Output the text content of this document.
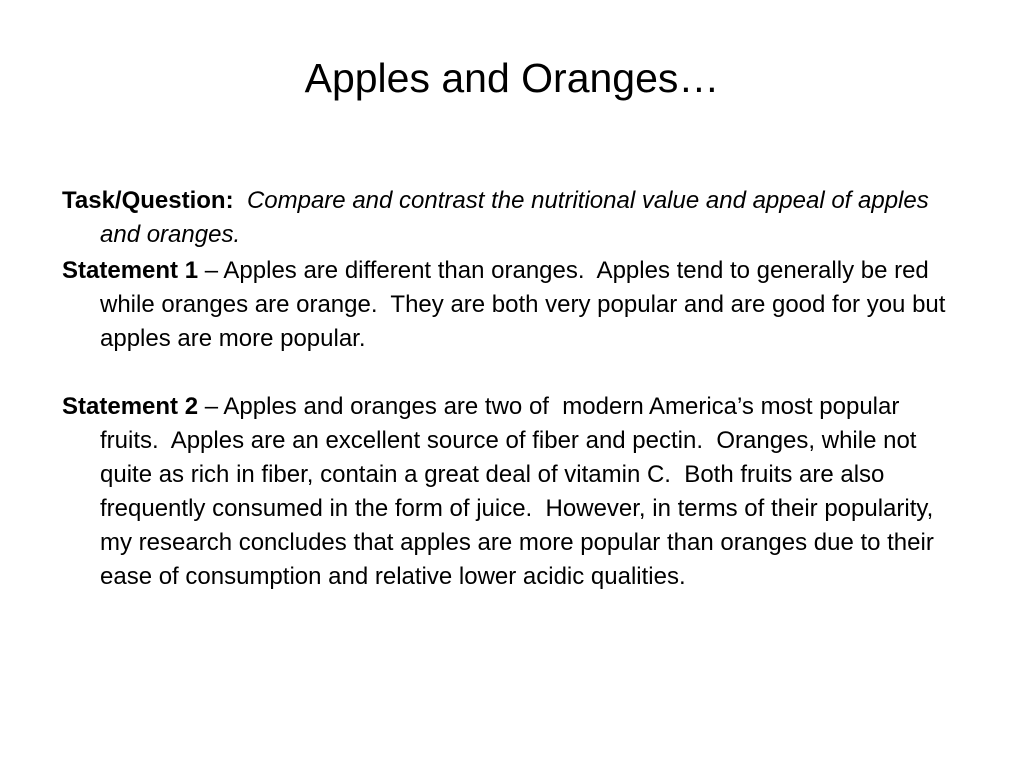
Apples and Oranges…

Task/Question: Compare and contrast the nutritional value and appeal of apples and oranges.

Statement 1 – Apples are different than oranges.  Apples tend to generally be red while oranges are orange.  They are both very popular and are good for you but apples are more popular.

Statement 2 – Apples and oranges are two of  modern America’s most popular fruits.  Apples are an excellent source of fiber and pectin.  Oranges, while not quite as rich in fiber, contain a great deal of vitamin C.  Both fruits are also frequently consumed in the form of juice.  However, in terms of their popularity, my research concludes that apples are more popular than oranges due to their ease of consumption and relative lower acidic qualities.
